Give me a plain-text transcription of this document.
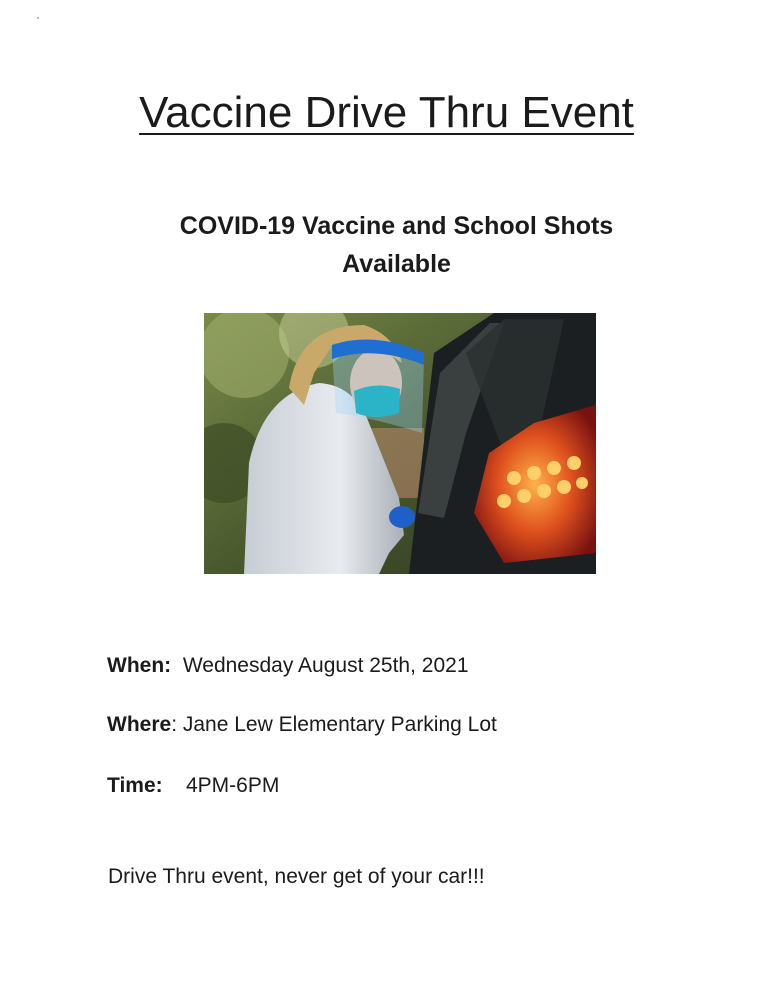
Vaccine Drive Thru Event
COVID-19 Vaccine and School Shots
Available
When: Wednesday August 25th, 2021
Where: Jane Lew Elementary Parking Lot
Time: 4PM-6PM
Drive Thru event, never get of your car!!!
